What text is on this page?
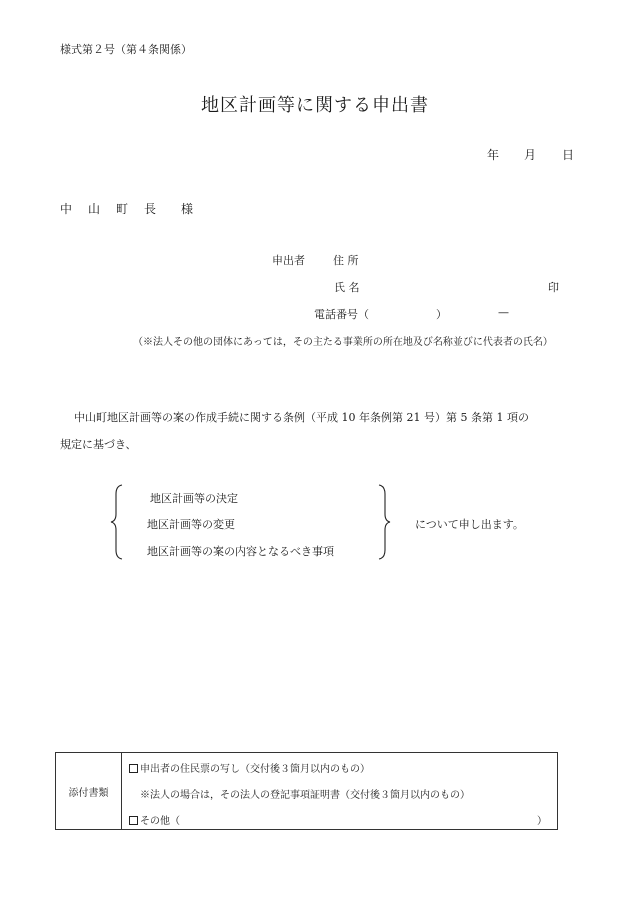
様式第２号（第４条関係）
地区計画等に関する申出書
年 月 日
中　山　町　長 様
申出者	住 所
氏 名	印
電話番号（	）	—
（※法人その他の団体にあっては，その主たる事業所の所在地及び名称並びに代表者の氏名）
中山町地区計画等の案の作成手続に関する条例（平成 10 年条例第 21 号）第 5 条第 1 項の
規定に基づき、
地区計画等の決定
地区計画等の変更
地区計画等の案の内容となるべき事項
について申し出ます。
添付書類
申出者の住民票の写し（交付後３箇月以内のもの）
※法人の場合は，その法人の登記事項証明書（交付後３箇月以内のもの）
その他（	）
